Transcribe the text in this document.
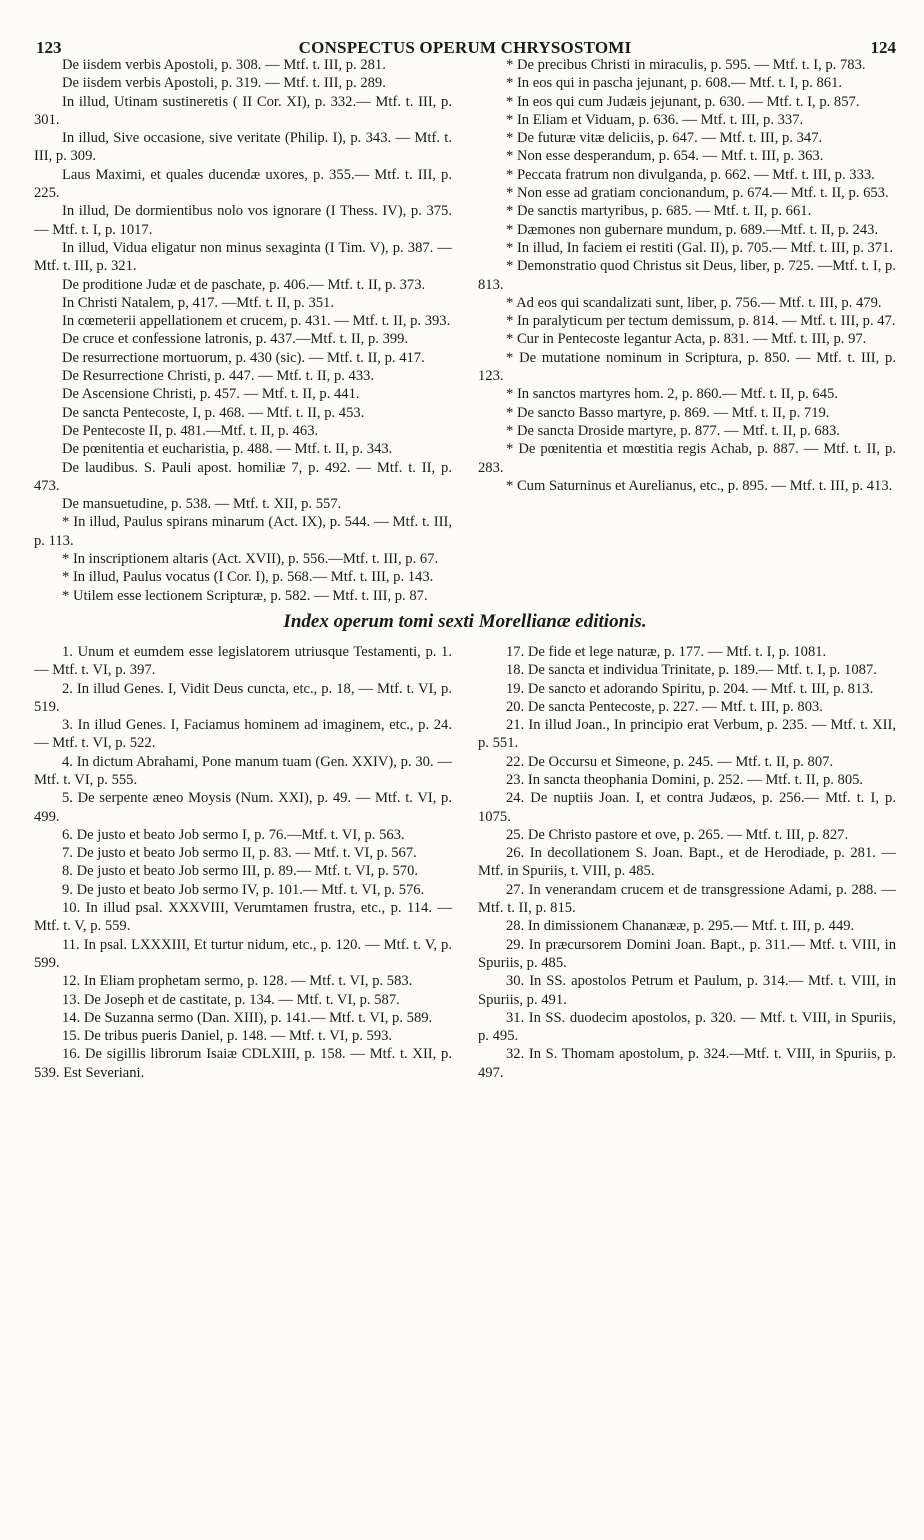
123	CONSPECTUS OPERUM CHRYSOSTOMI	124

De iisdem verbis Apostoli, p. 308. — Mtf. t. III, p. 281.

De iisdem verbis Apostoli, p. 319. — Mtf. t. III, p. 289.

In illud, Utinam sustineretis ( II Cor. XI), p. 332.— Mtf. t. III, p. 301.

In illud, Sive occasione, sive veritate (Philip. I), p. 343. — Mtf. t. III, p. 309.

Laus Maximi, et quales ducendæ uxores, p. 355.— Mtf. t. III, p. 225.

In illud, De dormientibus nolo vos ignorare (I Thess. IV), p. 375. — Mtf. t. I, p. 1017.

In illud, Vidua eligatur non minus sexaginta (I Tim. V), p. 387. — Mtf. t. III, p. 321.

De proditione Judæ et de paschate, p. 406.— Mtf. t. II, p. 373.

In Christi Natalem, p, 417. —Mtf. t. II, p. 351.

In cœmeterii appellationem et crucem, p. 431. — Mtf. t. II, p. 393.

De cruce et confessione latronis, p. 437.—Mtf. t. II, p. 399.

De resurrectione mortuorum, p. 430 (sic). — Mtf. t. II, p. 417.

De Resurrectione Christi, p. 447. — Mtf. t. II, p. 433.

De Ascensione Christi, p. 457. — Mtf. t. II, p. 441.

De sancta Pentecoste, I, p. 468. — Mtf. t. II, p. 453.

De Pentecoste II, p. 481.—Mtf. t. II, p. 463.

De pœnitentia et eucharistia, p. 488. — Mtf. t. II, p. 343.

De laudibus. S. Pauli apost. homiliæ 7, p. 492. — Mtf. t. II, p. 473.

De mansuetudine, p. 538. — Mtf. t. XII, p. 557.

* In illud, Paulus spirans minarum (Act. IX), p. 544. — Mtf. t. III, p. 113.

* In inscriptionem altaris (Act. XVII), p. 556.—Mtf. t. III, p. 67.

* In illud, Paulus vocatus (I Cor. I), p. 568.— Mtf. t. III, p. 143.

* Utilem esse lectionem Scripturæ, p. 582. — Mtf. t. III, p. 87.

* De precibus Christi in miraculis, p. 595. — Mtf. t. I, p. 783.

* In eos qui in pascha jejunant, p. 608.— Mtf. t. I, p. 861.

* In eos qui cum Judæis jejunant, p. 630. — Mtf. t. I, p. 857.

* In Eliam et Viduam, p. 636. — Mtf. t. III, p. 337.

* De futuræ vitæ deliciis, p. 647. — Mtf. t. III, p. 347.

* Non esse desperandum, p. 654. — Mtf. t. III, p. 363.

* Peccata fratrum non divulganda, p. 662. — Mtf. t. III, p. 333.

* Non esse ad gratiam concionandum, p. 674.— Mtf. t. II, p. 653.

* De sanctis martyribus, p. 685. — Mtf. t. II, p. 661.

* Dæmones non gubernare mundum, p. 689.—Mtf. t. II, p. 243.

* In illud, In faciem ei restiti (Gal. II), p. 705.— Mtf. t. III, p. 371.

* Demonstratio quod Christus sit Deus, liber, p. 725. —Mtf. t. I, p. 813.

* Ad eos qui scandalizati sunt, liber, p. 756.— Mtf. t. III, p. 479.

* In paralyticum per tectum demissum, p. 814. — Mtf. t. III, p. 47.

* Cur in Pentecoste legantur Acta, p. 831. — Mtf. t. III, p. 97.

* De mutatione nominum in Scriptura, p. 850. — Mtf. t. III, p. 123.

* In sanctos martyres hom. 2, p. 860.— Mtf. t. II, p. 645.

* De sancto Basso martyre, p. 869. — Mtf. t. II, p. 719.

* De sancta Droside martyre, p. 877. — Mtf. t. II, p. 683.

* De pœnitentia et mœstitia regis Achab, p. 887. — Mtf. t. II, p. 283.

* Cum Saturninus et Aurelianus, etc., p. 895. — Mtf. t. III, p. 413.

Index operum tomi sexti Morellianæ editionis.

1. Unum et eumdem esse legislatorem utriusque Testamenti, p. 1. — Mtf. t. VI, p. 397.

2. In illud Genes. I, Vidit Deus cuncta, etc., p. 18, — Mtf. t. VI, p. 519.

3. In illud Genes. I, Faciamus hominem ad imaginem, etc., p. 24. — Mtf. t. VI, p. 522.

4. In dictum Abrahami, Pone manum tuam (Gen. XXIV), p. 30. — Mtf. t. VI, p. 555.

5. De serpente æneo Moysis (Num. XXI), p. 49. — Mtf. t. VI, p. 499.

6. De justo et beato Job sermo I, p. 76.—Mtf. t. VI, p. 563.

7. De justo et beato Job sermo II, p. 83. — Mtf. t. VI, p. 567.

8. De justo et beato Job sermo III, p. 89.— Mtf. t. VI, p. 570.

9. De justo et beato Job sermo IV, p. 101.— Mtf. t. VI, p. 576.

10. In illud psal. XXXVIII, Verumtamen frustra, etc., p. 114. — Mtf. t. V, p. 559.

11. In psal. LXXXIII, Et turtur nidum, etc., p. 120. — Mtf. t. V, p. 599.

12. In Eliam prophetam sermo, p. 128. — Mtf. t. VI, p. 583.

13. De Joseph et de castitate, p. 134. — Mtf. t. VI, p. 587.

14. De Suzanna sermo (Dan. XIII), p. 141.— Mtf. t. VI, p. 589.

15. De tribus pueris Daniel, p. 148. — Mtf. t. VI, p. 593.

16. De sigillis librorum Isaiæ CDLXIII, p. 158. — Mtf. t. XII, p. 539. Est Severiani.

17. De fide et lege naturæ, p. 177. — Mtf. t. I, p. 1081.

18. De sancta et individua Trinitate, p. 189.— Mtf. t. I, p. 1087.

19. De sancto et adorando Spiritu, p. 204. — Mtf. t. III, p. 813.

20. De sancta Pentecoste, p. 227. — Mtf. t. III, p. 803.

21. In illud Joan., In principio erat Verbum, p. 235. — Mtf. t. XII, p. 551.

22. De Occursu et Simeone, p. 245. — Mtf. t. II, p. 807.

23. In sancta theophania Domini, p. 252. — Mtf. t. II, p. 805.

24. De nuptiis Joan. I, et contra Judæos, p. 256.— Mtf. t. I, p. 1075.

25. De Christo pastore et ove, p. 265. — Mtf. t. III, p. 827.

26. In decollationem S. Joan. Bapt., et de Herodiade, p. 281. — Mtf. in Spuriis, t. VIII, p. 485.

27. In venerandam crucem et de transgressione Adami, p. 288. — Mtf. t. II, p. 815.

28. In dimissionem Chananææ, p. 295.— Mtf. t. III, p. 449.

29. In præcursorem Domini Joan. Bapt., p. 311.— Mtf. t. VIII, in Spuriis, p. 485.

30. In SS. apostolos Petrum et Paulum, p. 314.— Mtf. t. VIII, in Spuriis, p. 491.

31. In SS. duodecim apostolos, p. 320. — Mtf. t. VIII, in Spuriis, p. 495.

32. In S. Thomam apostolum, p. 324.—Mtf. t. VIII, in Spuriis, p. 497.
